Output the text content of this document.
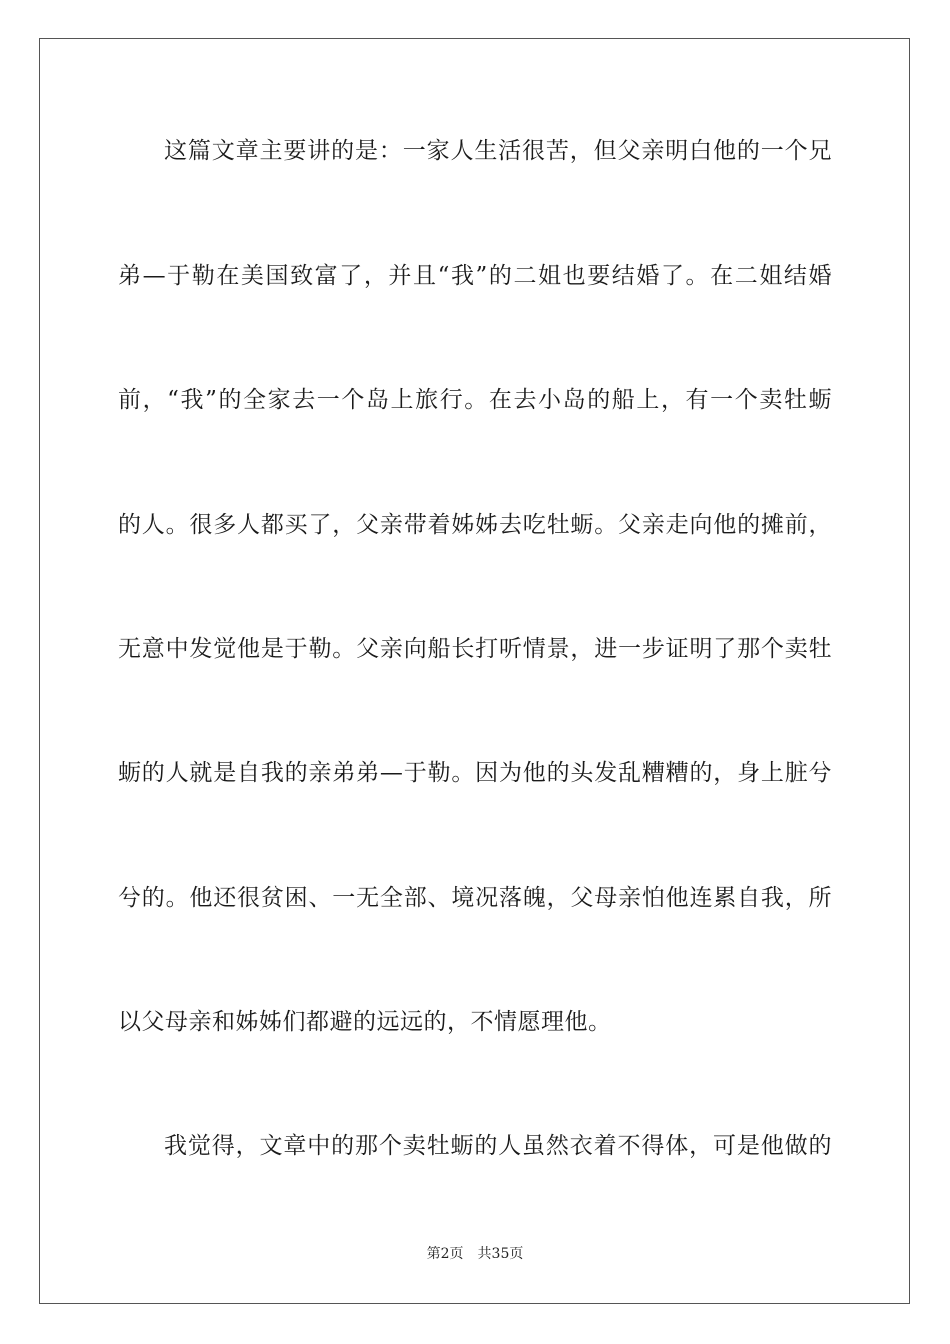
这篇文章主要讲的是：一家人生活很苦，但父亲明白他的一个兄
弟—于勒在美国致富了，并且“我”的二姐也要结婚了。在二姐结婚
前，“我”的全家去一个岛上旅行。在去小岛的船上，有一个卖牡蛎
的人。很多人都买了，父亲带着姊姊去吃牡蛎。父亲走向他的摊前，
无意中发觉他是于勒。父亲向船长打听情景，进一步证明了那个卖牡
蛎的人就是自我的亲弟弟—于勒。因为他的头发乱糟糟的，身上脏兮
兮的。他还很贫困、一无全部、境况落魄，父母亲怕他连累自我，所
以父母亲和姊姊们都避的远远的，不情愿理他。
我觉得，文章中的那个卖牡蛎的人虽然衣着不得体，可是他做的
第2页 共35页
